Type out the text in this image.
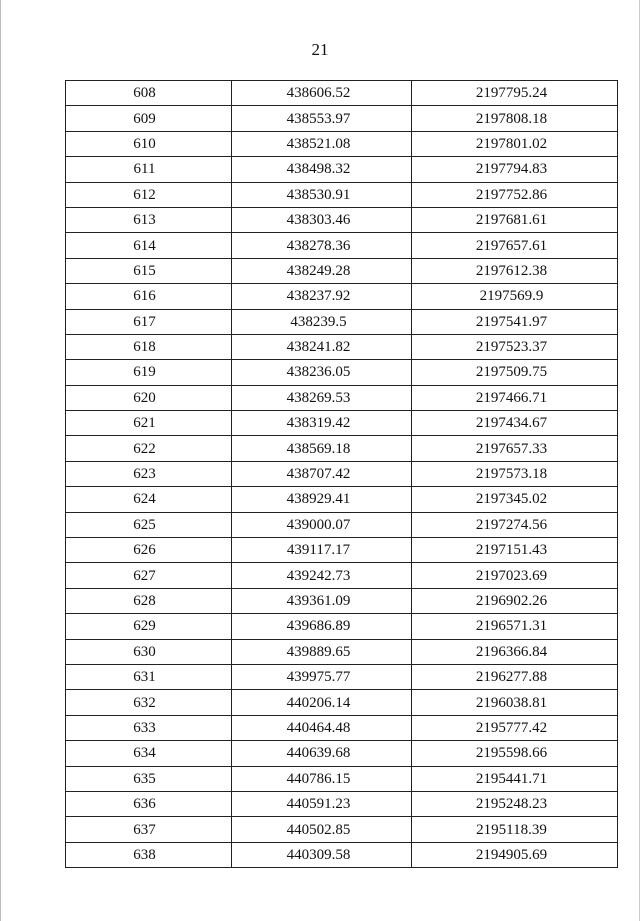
21
608	438606.52	2197795.24
609	438553.97	2197808.18
610	438521.08	2197801.02
611	438498.32	2197794.83
612	438530.91	2197752.86
613	438303.46	2197681.61
614	438278.36	2197657.61
615	438249.28	2197612.38
616	438237.92	2197569.9
617	438239.5	2197541.97
618	438241.82	2197523.37
619	438236.05	2197509.75
620	438269.53	2197466.71
621	438319.42	2197434.67
622	438569.18	2197657.33
623	438707.42	2197573.18
624	438929.41	2197345.02
625	439000.07	2197274.56
626	439117.17	2197151.43
627	439242.73	2197023.69
628	439361.09	2196902.26
629	439686.89	2196571.31
630	439889.65	2196366.84
631	439975.77	2196277.88
632	440206.14	2196038.81
633	440464.48	2195777.42
634	440639.68	2195598.66
635	440786.15	2195441.71
636	440591.23	2195248.23
637	440502.85	2195118.39
638	440309.58	2194905.69
